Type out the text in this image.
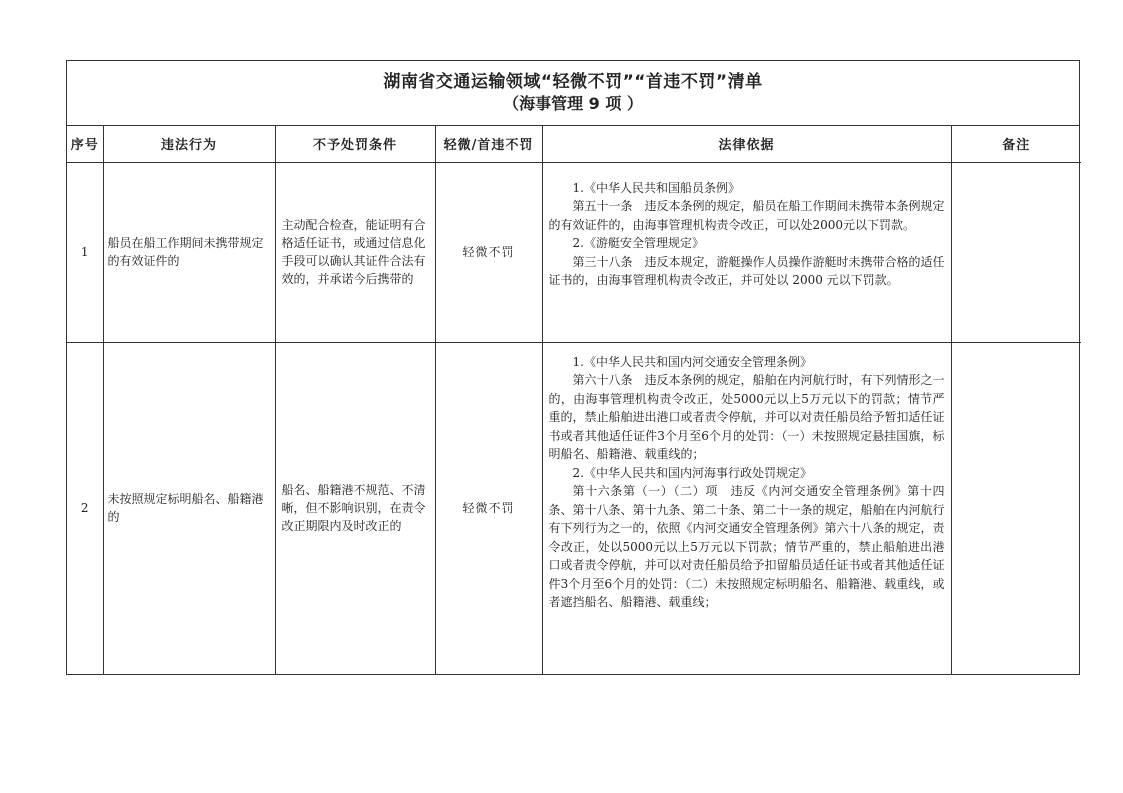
湖南省交通运输领域“轻微不罚”“首违不罚”清单
（海事管理 9 项 ）
序号	违法行为	不予处罚条件	轻微/首违不罚	法律依据	备注
1	船员在船工作期间未携带规定的有效证件的	主动配合检查，能证明有合格适任证书，或通过信息化手段可以确认其证件合法有效的，并承诺今后携带的	轻微不罚	1.《中华人民共和国船员条例》

第五十一条　违反本条例的规定，船员在船工作期间未携带本条例规定的有效证件的，由海事管理机构责令改正，可以处2000元以下罚款。

2.《游艇安全管理规定》

第三十八条　违反本规定，游艇操作人员操作游艇时未携带合格的适任证书的，由海事管理机构责令改正，并可处以 2000 元以下罚款。	

2	未按照规定标明船名、船籍港的	船名、船籍港不规范、不清晰，但不影响识别，在责令改正期限内及时改正的	轻微不罚	1.《中华人民共和国内河交通安全管理条例》

第六十八条　违反本条例的规定，船舶在内河航行时，有下列情形之一的，由海事管理机构责令改正，处5000元以上5万元以下的罚款；情节严重的，禁止船舶进出港口或者责令停航，并可以对责任船员给予暂扣适任证书或者其他适任证件3个月至6个月的处罚：（一）未按照规定悬挂国旗，标明船名、船籍港、载重线的；

2.《中华人民共和国内河海事行政处罚规定》

第十六条第（一）（二）项　违反《内河交通安全管理条例》第十四条、第十八条、第十九条、第二十条、第二十一条的规定，船舶在内河航行有下列行为之一的，依照《内河交通安全管理条例》第六十八条的规定，责令改正，处以5000元以上5万元以下罚款；情节严重的，禁止船舶进出港口或者责令停航，并可以对责任船员给予扣留船员适任证书或者其他适任证件3个月至6个月的处罚：（二）未按照规定标明船名、船籍港、载重线，或者遮挡船名、船籍港、载重线；	
